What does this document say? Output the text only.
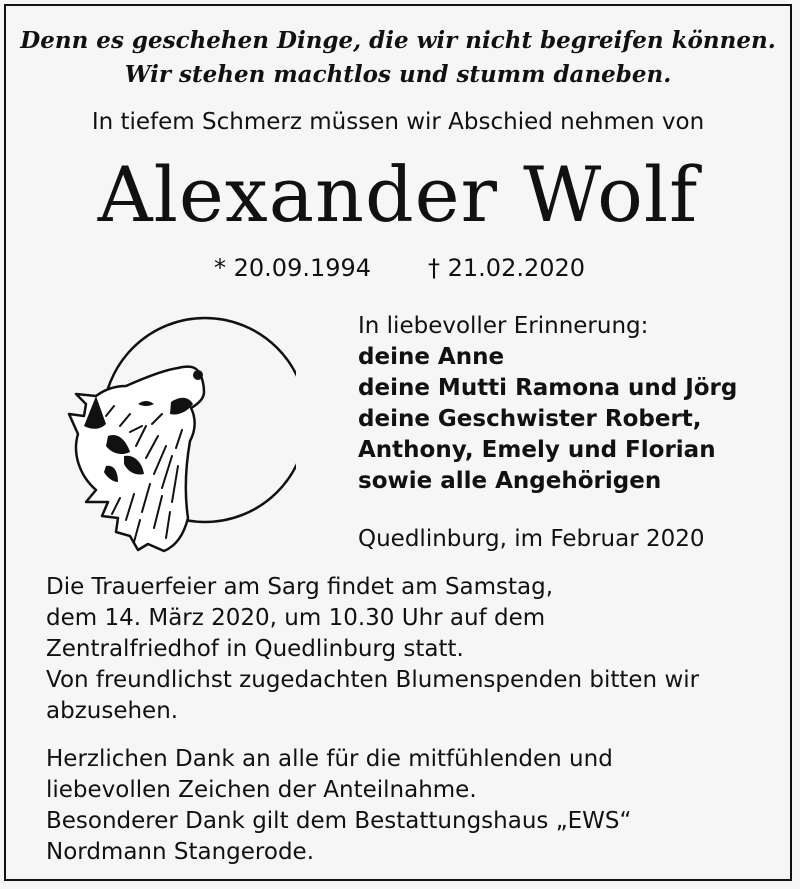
Denn es geschehen Dinge, die wir nicht begreifen können.
Wir stehen machtlos und stumm daneben.
In tiefem Schmerz müssen wir Abschied nehmen von
Alexander Wolf
* 20.09.1994 † 21.02.2020
In liebevoller Erinnerung:
deine Anne
deine Mutti Ramona und Jörg
deine Geschwister Robert,
Anthony, Emely und Florian
sowie alle Angehörigen
Quedlinburg, im Februar 2020
Die Trauerfeier am Sarg findet am Samstag,
dem 14. März 2020, um 10.30 Uhr auf dem
Zentralfriedhof in Quedlinburg statt.
Von freundlichst zugedachten Blumenspenden bitten wir
abzusehen.
Herzlichen Dank an alle für die mitfühlenden und
liebevollen Zeichen der Anteilnahme.
Besonderer Dank gilt dem Bestattungshaus „EWS“
Nordmann Stangerode.
